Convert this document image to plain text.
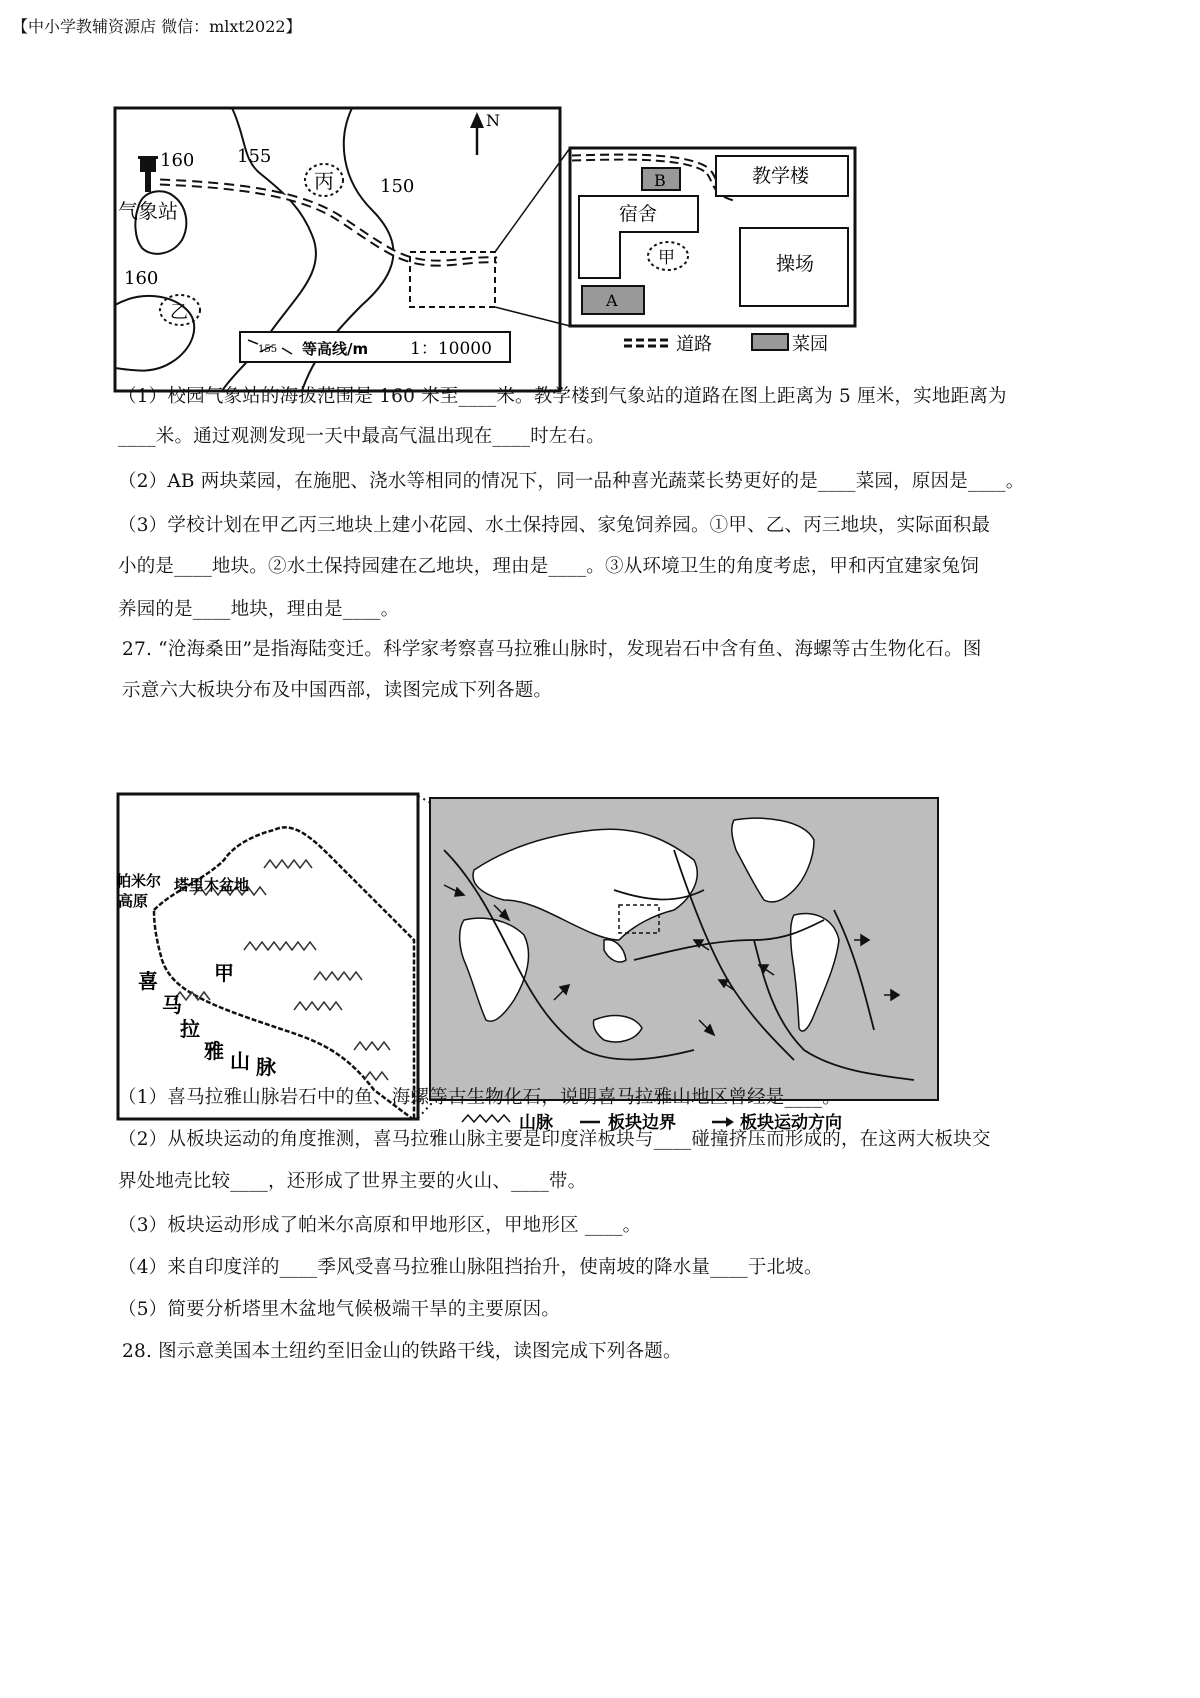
【中小学教辅资源店 微信：mlxt2022】
160 155
150
160
气象站
丙
乙
N
155 等高线/m 1：10000
教学楼
B
宿舍
甲	操场
A
道路	菜园
（1）校园气象站的海拔范围是 160 米至____米。教学楼到气象站的道路在图上距离为 5 厘米，实地距离为
____米。通过观测发现一天中最高气温出现在____时左右。
（2）AB 两块菜园，在施肥、浇水等相同的情况下，同一品种喜光蔬菜长势更好的是____菜园，原因是____。
（3）学校计划在甲乙丙三地块上建小花园、水土保持园、家兔饲养园。①甲、乙、丙三地块，实际面积最
小的是____地块。②水土保持园建在乙地块，理由是____。③从环境卫生的角度考虑，甲和丙宜建家兔饲
养园的是____地块，理由是____。
27. “沧海桑田”是指海陆变迁。科学家考察喜马拉雅山脉时，发现岩石中含有鱼、海螺等古生物化石。图
示意六大板块分布及中国西部，读图完成下列各题。
帕米尔
高原
塔里木盆地
甲
喜
马
拉
雅 山 脉
山脉	板块边界	板块运动方向
（1）喜马拉雅山脉岩石中的鱼、海螺等古生物化石，说明喜马拉雅山地区曾经是____。
（2）从板块运动的角度推测，喜马拉雅山脉主要是印度洋板块与____碰撞挤压而形成的，在这两大板块交
界处地壳比较____，还形成了世界主要的火山、____带。
（3）板块运动形成了帕米尔高原和甲地形区，甲地形区 ____。
（4）来自印度洋的____季风受喜马拉雅山脉阻挡抬升，使南坡的降水量____于北坡。
（5）简要分析塔里木盆地气候极端干旱的主要原因。
28. 图示意美国本土纽约至旧金山的铁路干线，读图完成下列各题。
